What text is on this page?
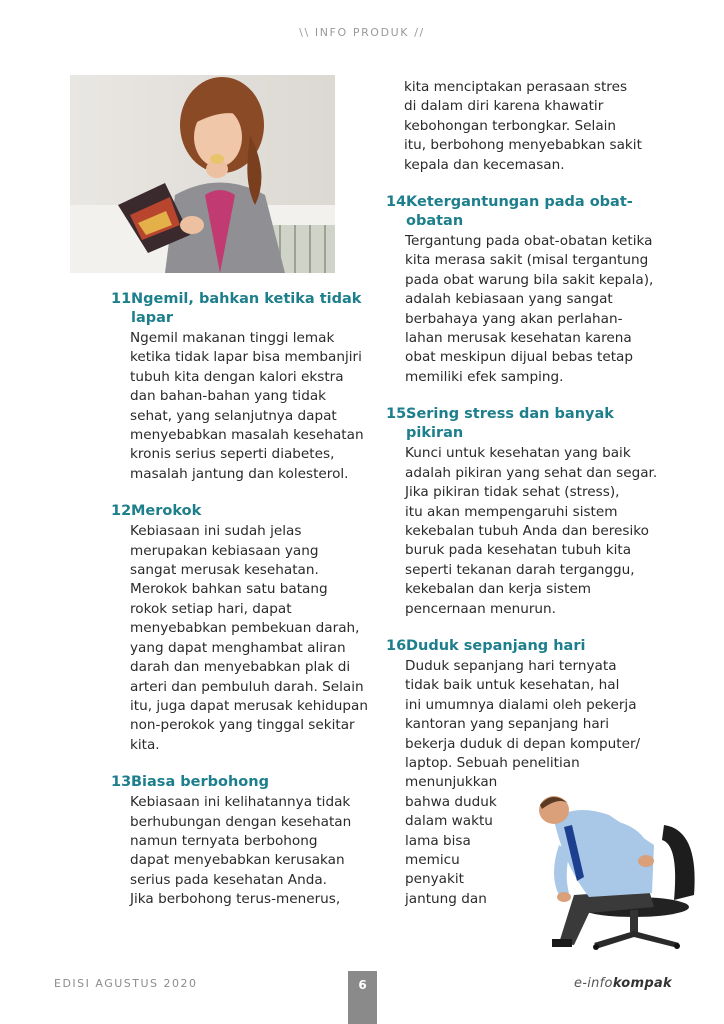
\\ INFO PRODUK //
11.
Ngemil, bahkan ketika tidak
lapar
Ngemil makanan tinggi lemak
ketika tidak lapar bisa membanjiri
tubuh kita dengan kalori ekstra
dan bahan-bahan yang tidak
sehat, yang selanjutnya dapat
menyebabkan masalah kesehatan
kronis serius seperti diabetes,
masalah jantung dan kolesterol.
12.
Merokok
Kebiasaan ini sudah jelas
merupakan kebiasaan yang
sangat merusak kesehatan.
Merokok bahkan satu batang
rokok setiap hari, dapat
menyebabkan pembekuan darah,
yang dapat menghambat aliran
darah dan menyebabkan plak di
arteri dan pembuluh darah. Selain
itu, juga dapat merusak kehidupan
non-perokok yang tinggal sekitar
kita.
13.
Biasa berbohong
Kebiasaan ini kelihatannya tidak
berhubungan dengan kesehatan
namun ternyata berbohong
dapat menyebabkan kerusakan
serius pada kesehatan Anda.
Jika berbohong terus-menerus,
kita menciptakan perasaan stres
di dalam diri karena khawatir
kebohongan terbongkar. Selain
itu, berbohong menyebabkan sakit
kepala dan kecemasan.
14.
Ketergantungan pada obat-
obatan
Tergantung pada obat-obatan ketika
kita merasa sakit (misal tergantung
pada obat warung bila sakit kepala),
adalah kebiasaan yang sangat
berbahaya yang akan perlahan-
lahan merusak kesehatan karena
obat meskipun dijual bebas tetap
memiliki efek samping.
15.
Sering stress dan banyak
pikiran
Kunci untuk kesehatan yang baik
adalah pikiran yang sehat dan segar.
Jika pikiran tidak sehat (stress),
itu akan mempengaruhi sistem
kekebalan tubuh Anda dan beresiko
buruk pada kesehatan tubuh kita
seperti tekanan darah terganggu,
kekebalan dan kerja sistem
pencernaan menurun.
16.
Duduk sepanjang hari
Duduk sepanjang hari ternyata
tidak baik untuk kesehatan, hal
ini umumnya dialami oleh pekerja
kantoran yang sepanjang hari
bekerja duduk di depan komputer/
laptop. Sebuah penelitian
menunjukkan
bahwa duduk
dalam waktu
lama bisa
memicu
penyakit
jantung dan
EDISI AGUSTUS 2020	6	e-infokompak
